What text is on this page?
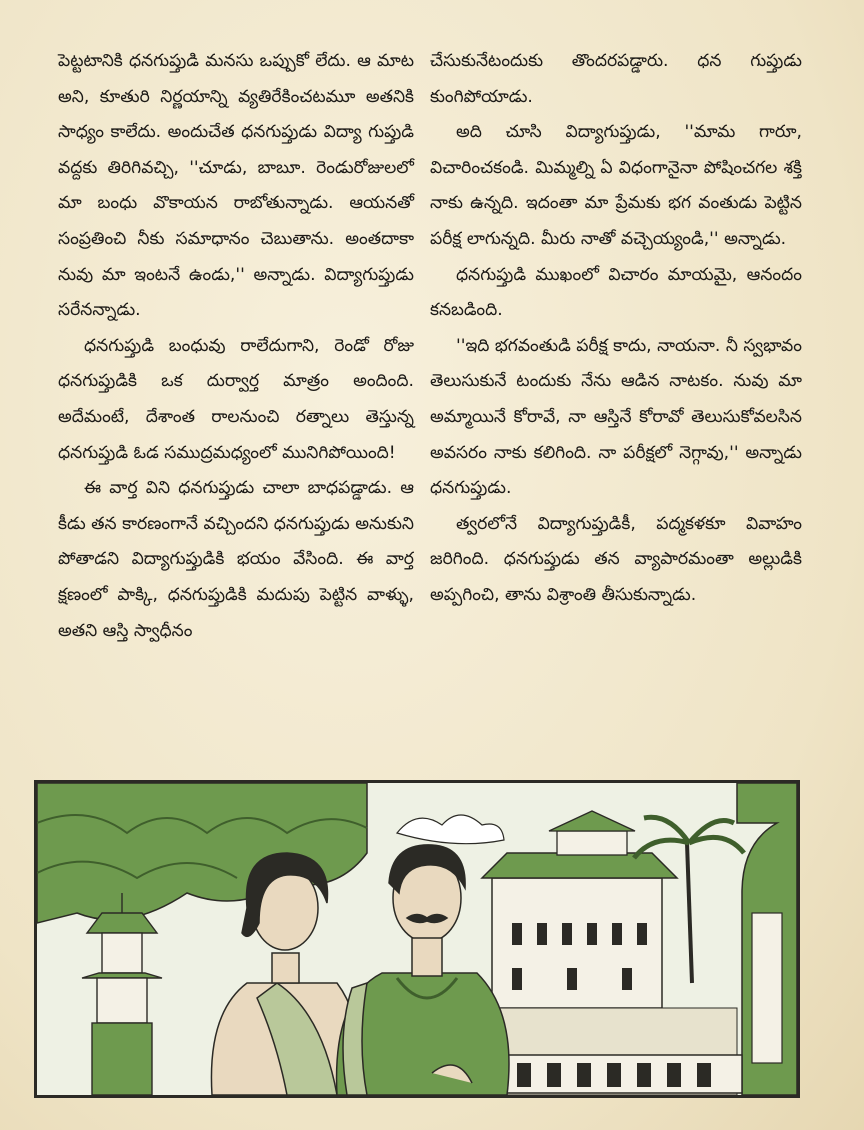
పెట్టటానికి ధనగుప్తుడి మనసు ఒప్పుకో లేదు. ఆ మాట అని, కూతురి నిర్ణయాన్ని వ్యతిరేకించటమూ అతనికి సాధ్యం కాలేదు. అందుచేత ధనగుప్తుడు విద్యా గుప్తుడి వద్దకు తిరిగివచ్చి, ''చూడు, బాబూ. రెండురోజులలో మా బంధు వొకాయన రాబోతున్నాడు. ఆయనతో సంప్రతించి నీకు సమాధానం చెబుతాను. అంతదాకా నువు మా ఇంటనే ఉండు,'' అన్నాడు. విద్యాగుప్తుడు సరేనన్నాడు.

ధనగుప్తుడి బంధువు రాలేదుగాని, రెండో రోజు ధనగుప్తుడికి ఒక దుర్వార్త మాత్రం అందింది. అదేమంటే, దేశాంత రాలనుంచి రత్నాలు తెస్తున్న ధనగుప్తుడి ఓడ సముద్రమధ్యంలో మునిగిపోయింది!

ఈ వార్త విని ధనగుప్తుడు చాలా బాధపడ్డాడు. ఆ కీడు తన కారణంగానే వచ్చిందని ధనగుప్తుడు అనుకుని పోతాడని విద్యాగుప్తుడికి భయం వేసింది. ఈ వార్త క్షణంలో పాక్కి, ధనగుప్తుడికి మదుపు పెట్టిన వాళ్ళు, అతని ఆస్తి స్వాధీనం

చేసుకునేటందుకు తొందరపడ్డారు. ధన గుప్తుడు కుంగిపోయాడు.

అది చూసి విద్యాగుప్తుడు, ''మామ గారూ, విచారించకండి. మిమ్మల్ని ఏ విధంగానైనా పోషించగల శక్తి నాకు ఉన్నది. ఇదంతా మా ప్రేమకు భగ వంతుడు పెట్టిన పరీక్ష లాగున్నది. మీరు నాతో వచ్చెయ్యండి,'' అన్నాడు.

ధనగుప్తుడి ముఖంలో విచారం మాయమై, ఆనందం కనబడింది.

''ఇది భగవంతుడి పరీక్ష కాదు, నాయనా. నీ స్వభావం తెలుసుకునే టందుకు నేను ఆడిన నాటకం. నువు మా అమ్మాయినే కోరావే, నా ఆస్తినే కోరావో తెలుసుకోవలసిన అవసరం నాకు కలిగింది. నా పరీక్షలో నెగ్గావు,'' అన్నాడు ధనగుప్తుడు.

త్వరలోనే విద్యాగుప్తుడికీ, పద్మకళకూ వివాహం జరిగింది. ధనగుప్తుడు తన వ్యాపారమంతా అల్లుడికి అప్పగించి, తాను విశ్రాంతి తీసుకున్నాడు.
